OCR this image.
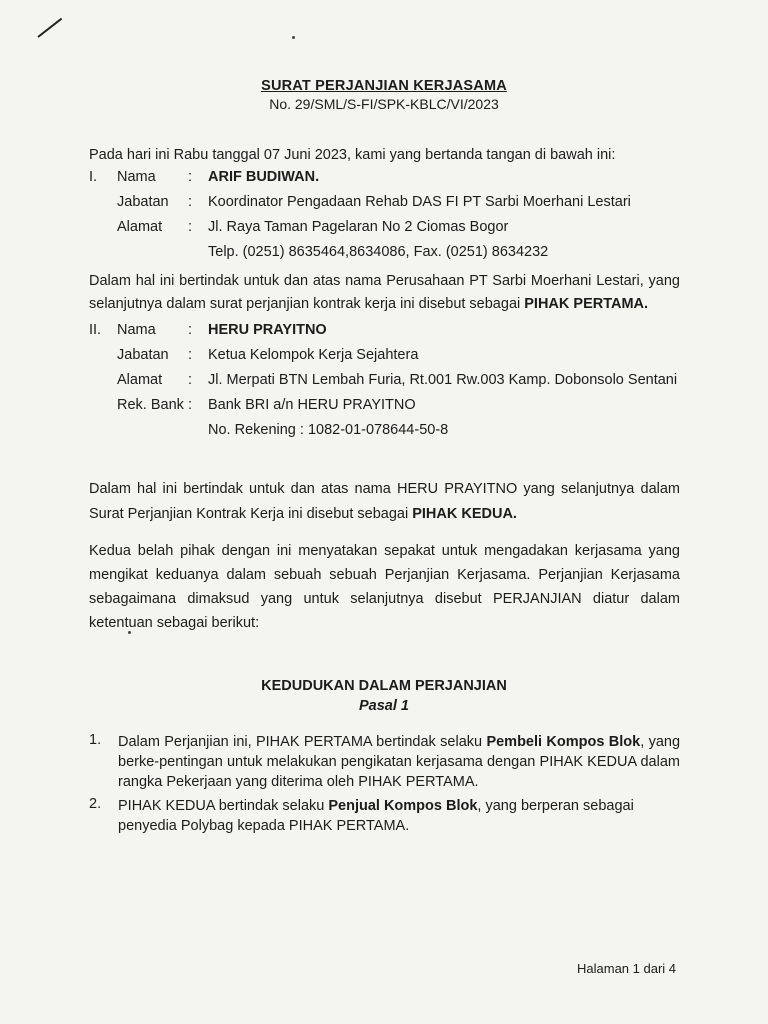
SURAT PERJANJIAN KERJASAMA
No. 29/SML/S-FI/SPK-KBLC/VI/2023
Pada hari ini Rabu tanggal 07 Juni 2023, kami yang bertanda tangan di bawah ini:
I. Nama : ARIF BUDIWAN.
Jabatan : Koordinator Pengadaan Rehab DAS FI PT Sarbi Moerhani Lestari
Alamat : Jl. Raya Taman Pagelaran No 2 Ciomas Bogor
Telp. (0251) 8635464,8634086, Fax. (0251) 8634232
Dalam hal ini bertindak untuk dan atas nama Perusahaan PT Sarbi Moerhani Lestari, yang selanjutnya dalam surat perjanjian kontrak kerja ini disebut sebagai PIHAK PERTAMA.
II. Nama : HERU PRAYITNO
Jabatan : Ketua Kelompok Kerja Sejahtera
Alamat : Jl. Merpati BTN Lembah Furia, Rt.001 Rw.003 Kamp. Dobonsolo Sentani
Rek. Bank : Bank BRI a/n HERU PRAYITNO
No. Rekening : 1082-01-078644-50-8
Dalam hal ini bertindak untuk dan atas nama HERU PRAYITNO yang selanjutnya dalam Surat Perjanjian Kontrak Kerja ini disebut sebagai PIHAK KEDUA.
Kedua belah pihak dengan ini menyatakan sepakat untuk mengadakan kerjasama yang mengikat keduanya dalam sebuah sebuah Perjanjian Kerjasama. Perjanjian Kerjasama sebagaimana dimaksud yang untuk selanjutnya disebut PERJANJIAN diatur dalam ketentuan sebagai berikut:
KEDUDUKAN DALAM PERJANJIAN
Pasal 1
1. Dalam Perjanjian ini, PIHAK PERTAMA bertindak selaku Pembeli Kompos Blok, yang berke-pentingan untuk melakukan pengikatan kerjasama dengan PIHAK KEDUA dalam rangka Pekerjaan yang diterima oleh PIHAK PERTAMA.
2. PIHAK KEDUA bertindak selaku Penjual Kompos Blok, yang berperan sebagai penyedia Polybag kepada PIHAK PERTAMA.
Halaman 1 dari 4
